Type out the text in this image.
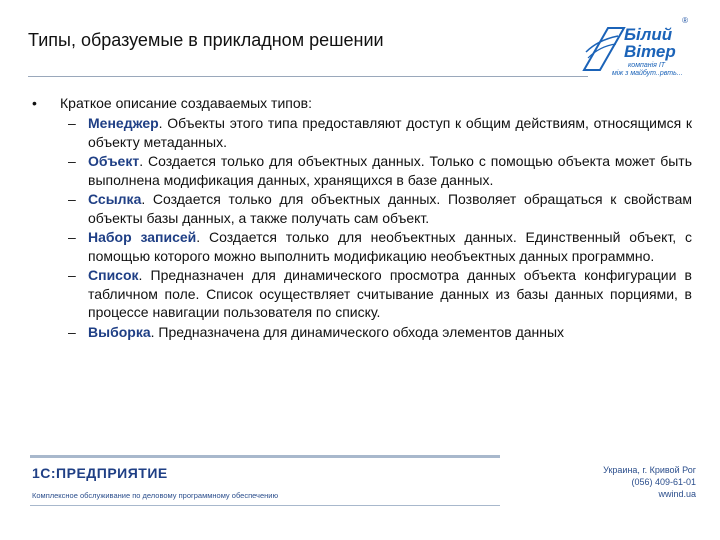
Типы, образуемые в прикладном решении
®
Білий
Вітер
компанія IT
між з майбут..рвть...
• Краткое описание создаваемых типов:
– Менеджер. Объекты этого типа предоставляют доступ к общим действиям, относящимся к объекту метаданных.
– Объект. Создается только для объектных данных. Только с помощью объекта может быть выполнена модификация данных, хранящихся в базе данных.
– Ссылка. Создается только для объектных данных. Позволяет обращаться к свойствам объекты базы данных, а также получать сам объект.
– Набор записей. Создается только для необъектных данных. Единственный объект, с помощью которого можно выполнить модификацию необъектных данных программно.
– Список. Предназначен для динамического просмотра данных объекта конфигурации в табличном поле. Список осуществляет считывание данных из базы данных порциями, в процессе навигации пользователя по списку.
– Выборка. Предназначена для динамического обхода элементов данных
1С:ПРЕДПРИЯТИЕ
Комплексное обслуживание по деловому программному обеспечению
Украина, г. Кривой Рог
(056) 409-61-01
wwind.ua
